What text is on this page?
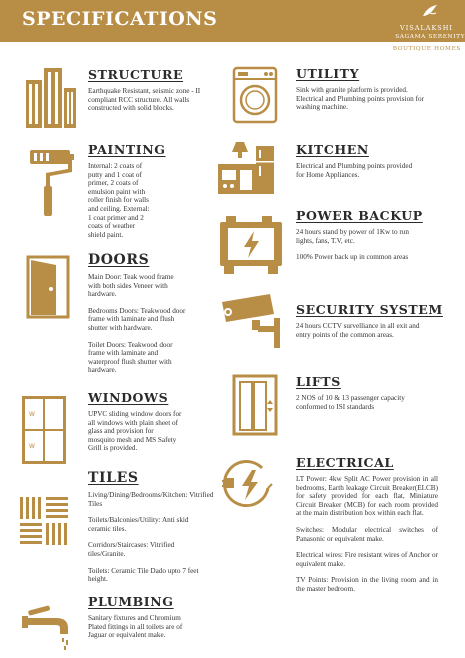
SPECIFICATIONS	VISALAKSHI
SAGAMA SERENITY
BOUTIQUE HOMES
STRUCTURE

Earthquake Resistant, seismic zone - II compliant RCC structure. All walls constructed with solid blocks.

PAINTING

Internal: 2 coats of putty and 1 coat of primer, 2 coats of emulsion paint with roller finish for walls and ceiling. External: 1 coat primer and 2 coats of weather shield paint.

DOORS

Main Door: Teak wood frame with both sides Veneer with hardware.

Bedrooms Doors: Teakwood door frame with laminate and flush shutter with hardware.

Toilet Doors: Teakwood door frame with laminate and waterproof flush shutter with hardware.

W
W
WINDOWS

UPVC sliding window doors for all windows with plain sheet of glass and provision for mosquito mesh and MS Safety Grill is provided.

TILES

Living/Dining/Bedrooms/Kitchen: Vitrified Tiles

Toilets/Balconies/Utility: Anti skid ceramic tiles.

Corridors/Staircases: Vitrified tiles/Granite.

Toilets: Ceramic Tile Dado upto 7 feet height.

PLUMBING

Sanitary fixtures and Chromium Plated fittings in all toilets are of Jaguar or equivalent make.

UTILITY

Sink with granite platform is provided. Electrical and Plumbing points provision for washing machine.

KITCHEN

Electrical and Plumbing points provided for Home Appliances.

POWER BACKUP

24 hours stand by power of 1Kw to run lights, fans, T.V, etc.

100% Power back up in common areas

SECURITY SYSTEM

24 hours CCTV survelliance in all exit and entry points of the common areas.

LIFTS

2 NOS of 10 & 13 passenger capacity conformed to ISI standards

ELECTRICAL

LT Power: 4kw Split AC Power provision in all bedrooms, Earth leakage Circuit Breaker(ELCB) for safety provided for each flat, Miniature Circuit Breaker (MCB) for each room provided at the main distribution box within each flat.

Switches: Modular electrical switches of Panasonic or equivalent make.

Electrical wires: Fire resistant wires of Anchor or equivalent make.

TV Points: Provision in the living room and in the master bedroom.
